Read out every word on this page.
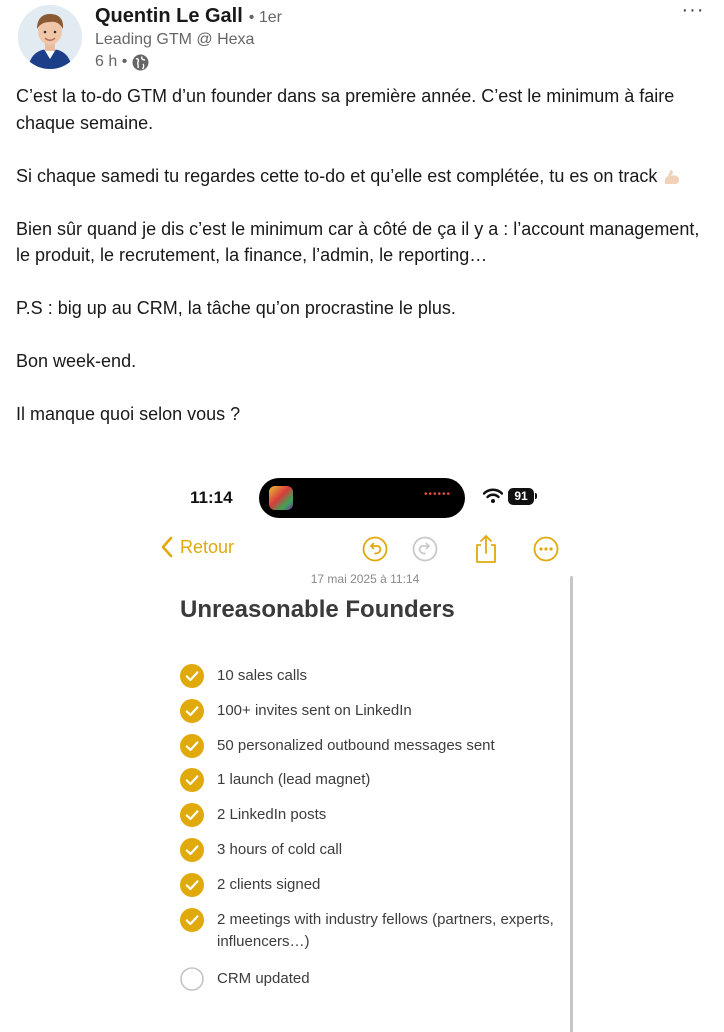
Quentin Le Gall • 1er
Leading GTM @ Hexa
6 h •
···

C’est la to-do GTM d’un founder dans sa première année. C’est le minimum à faire chaque semaine.

Si chaque samedi tu regardes cette to-do et qu’elle est complétée, tu es on track

Bien sûr quand je dis c’est le minimum car à côté de ça il y a : l’account management, le produit, le recrutement, la finance, l’admin, le reporting…

P.S : big up au CRM, la tâche qu’on procrastine le plus.

Bon week-end.

Il manque quoi selon vous ?

11:14	••••••	91
Retour
17 mai 2025 à 11:14
Unreasonable Founders
10 sales calls
100+ invites sent on LinkedIn
50 personalized outbound messages sent
1 launch (lead magnet)
2 LinkedIn posts
3 hours of cold call
2 clients signed
2 meetings with industry fellows (partners, experts, influencers…)
CRM updated
